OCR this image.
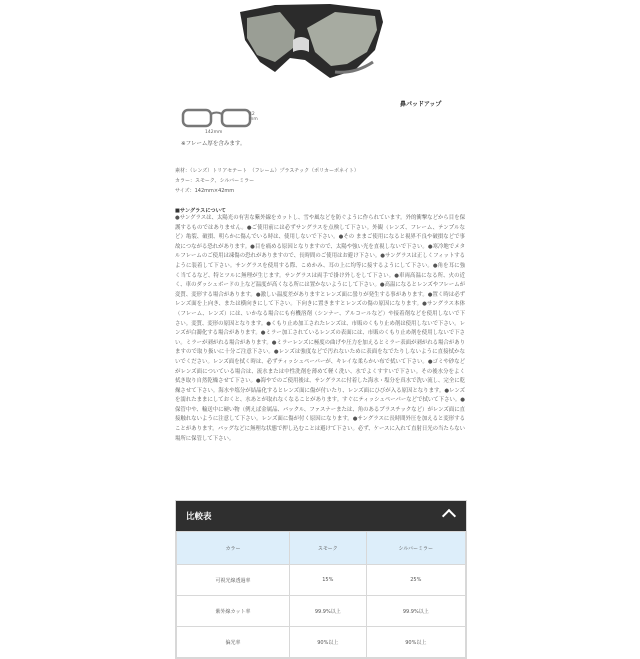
鼻パッドアップ
142mm
42
mm
※フレーム厚を含みます。
素材：（レンズ）トリアセテート　（フレーム）プラスチック（ポリカーボネイト）
カラー：スモーク、シルバーミラー
サイズ：142mm×42mm
■サングラスについて
●サングラスは、太陽光の有害な紫外線をカットし、雪や風などを防ぐように作られています。外的衝撃などから目を保護するものではありません。●ご使用前には必ずサングラスを点検して下さい。外観（レンズ、フレーム、テンプルなど）亀裂、破損、明らかに傷んでいる時は、使用しないで下さい。●その ままご使用になると視界不良や破損などで事故につながる恐れがあります。●目を痛める原因となりますので、太陽や強い光を直視しないで下さい。●寒冷地でメタルフレームのご使用は凍傷の恐れがありますので、長時間のご使用はお避け下さい。●サングラスは正しくフィットするように装着して下さい。サングラスを使用する際、こめかみ、耳の上に均等に接するようにして下さい。●角を耳に強く当てるなど、特とツルに無理が生じます。サングラスは両手で掛け外しをして下さい。●車両高温になる所、火の近く、車のダッシュボードの上など温度が高くなる所には置かないようにして下さい。●高温になるとレンズやフレームが変質、変形する場合があります。●激しい温度差がありますとレンズ面に曇りが発生する事があります。●置く時は必ずレンズ面を上向き、または横向きにして下さい。下向きに置きますとレンズの傷の原因になります。●サングラス本体（フレーム、レンズ）には、いかなる場合にも有機溶剤（シンナー、アルコールなど）や接着剤などを使用しないで下さい。変質、変形の原因となります。●くもり止め加工されたレンズは、市販のくもり止め剤は使用しないで下さい。レンズが白濁化する場合があります。●ミラー加工されているレンズの表面には、市販のくもり止め剤を使用しないで下さい。ミラーが剥がれる場合があります。●ミラーレンズに極度の曲げや圧力を加えるとミラー表面が剥がれる場合がありますので取り扱いに十分ご注意下さい。●レンズは強度などで汚れないために表面をなでたりしないように直接拭かないでください。レンズ面を拭く時は、必ずティッシュペーパーが、キレイな柔らかい布で拭いて下さい。●ゴミや砂などがレンズ面についている場合は、流水または中性洗剤を薄めて軽く洗い、水でよくすすいで下さい。その後水分をよく拭き取り自然乾燥させて下さい。●海やでのご使用後は、サングラスに付着した海水・塩分を真水で洗い流し、完全に乾燥させて下さい。海水や塩分が結晶化するとレンズ面に傷が付いたり、レンズ面にひびが入る原因となります。●レンズを濡れたままにしておくと、水あとが取れなくなることがあります。すぐにティッシュペーパーなどで拭いて下さい。●保管中や、輸送中に硬い物（例えば金属品、バックル、ファスナーまたは、角のあるプラスチックなど）がレンズ面に直接触れないように注意して下さい。レンズ面に傷が付く原因になります。●サングラスに長時間外圧を加えると変形することがあります。バッグなどに無理な状態で押し込むことは避けて下さい。必ず、ケースに入れて直射日光の当たらない場所に保管して下さい。
比較表
カラー	スモーク	シルバーミラー
可視光線透過率	15%	25%
紫外線カット率	99.9%以上	99.9%以上
偏光率	90%以上	90%以上
